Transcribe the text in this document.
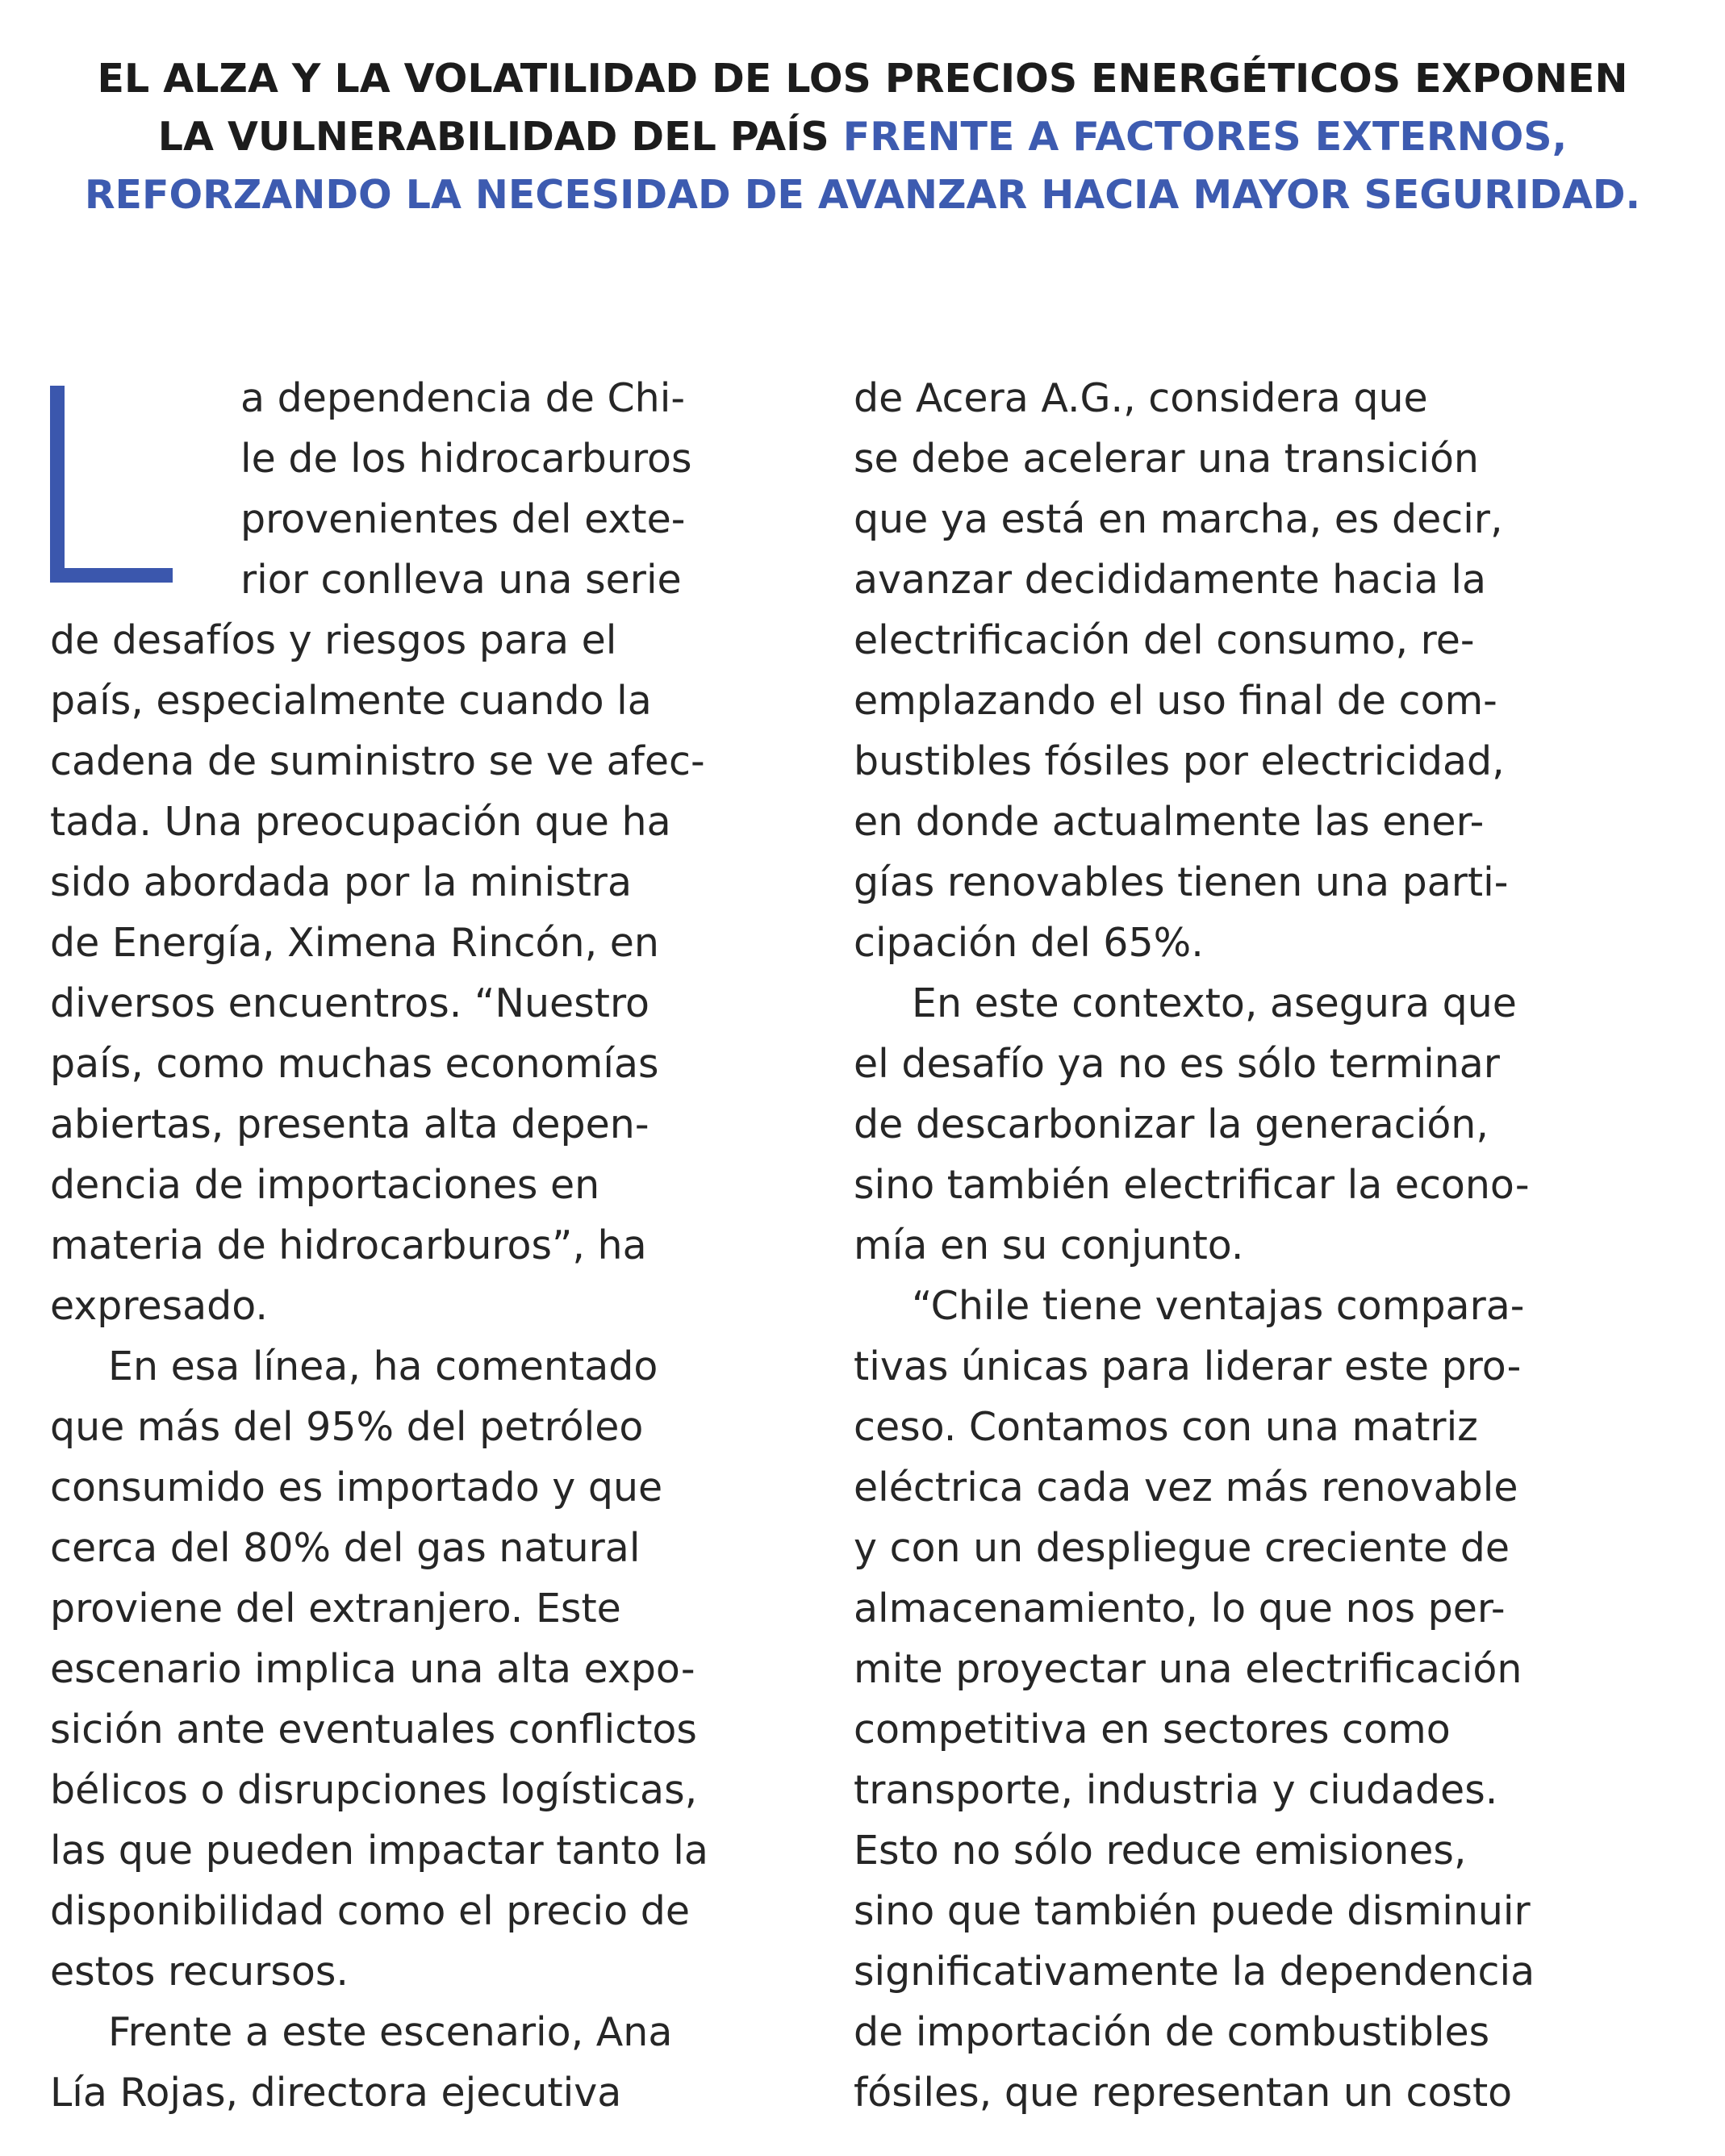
EL ALZA Y LA VOLATILIDAD DE LOS PRECIOS ENERGÉTICOS EXPONEN
LA VULNERABILIDAD DEL PAÍS FRENTE A FACTORES EXTERNOS,
REFORZANDO LA NECESIDAD DE AVANZAR HACIA MAYOR SEGURIDAD.
a dependencia de Chi-
le de los hidrocarburos
provenientes del exte-
rior conlleva una serie
de desafíos y riesgos para el
país, especialmente cuando la
cadena de suministro se ve afec-
tada. Una preocupación que ha
sido abordada por la ministra
de Energía, Ximena Rincón, en
diversos encuentros. “Nuestro
país, como muchas economías
abiertas, presenta alta depen-
dencia de importaciones en
materia de hidrocarburos”, ha
expresado.
En esa línea, ha comentado
que más del 95% del petróleo
consumido es importado y que
cerca del 80% del gas natural
proviene del extranjero. Este
escenario implica una alta expo-
sición ante eventuales conflictos
bélicos o disrupciones logísticas,
las que pueden impactar tanto la
disponibilidad como el precio de
estos recursos.
Frente a este escenario, Ana
Lía Rojas, directora ejecutiva
de Acera A.G., considera que
se debe acelerar una transición
que ya está en marcha, es decir,
avanzar decididamente hacia la
electrificación del consumo, re-
emplazando el uso final de com-
bustibles fósiles por electricidad,
en donde actualmente las ener-
gías renovables tienen una parti-
cipación del 65%.
En este contexto, asegura que
el desafío ya no es sólo terminar
de descarbonizar la generación,
sino también electrificar la econo-
mía en su conjunto.
“Chile tiene ventajas compara-
tivas únicas para liderar este pro-
ceso. Contamos con una matriz
eléctrica cada vez más renovable
y con un despliegue creciente de
almacenamiento, lo que nos per-
mite proyectar una electrificación
competitiva en sectores como
transporte, industria y ciudades.
Esto no sólo reduce emisiones,
sino que también puede disminuir
significativamente la dependencia
de importación de combustibles
fósiles, que representan un costo
